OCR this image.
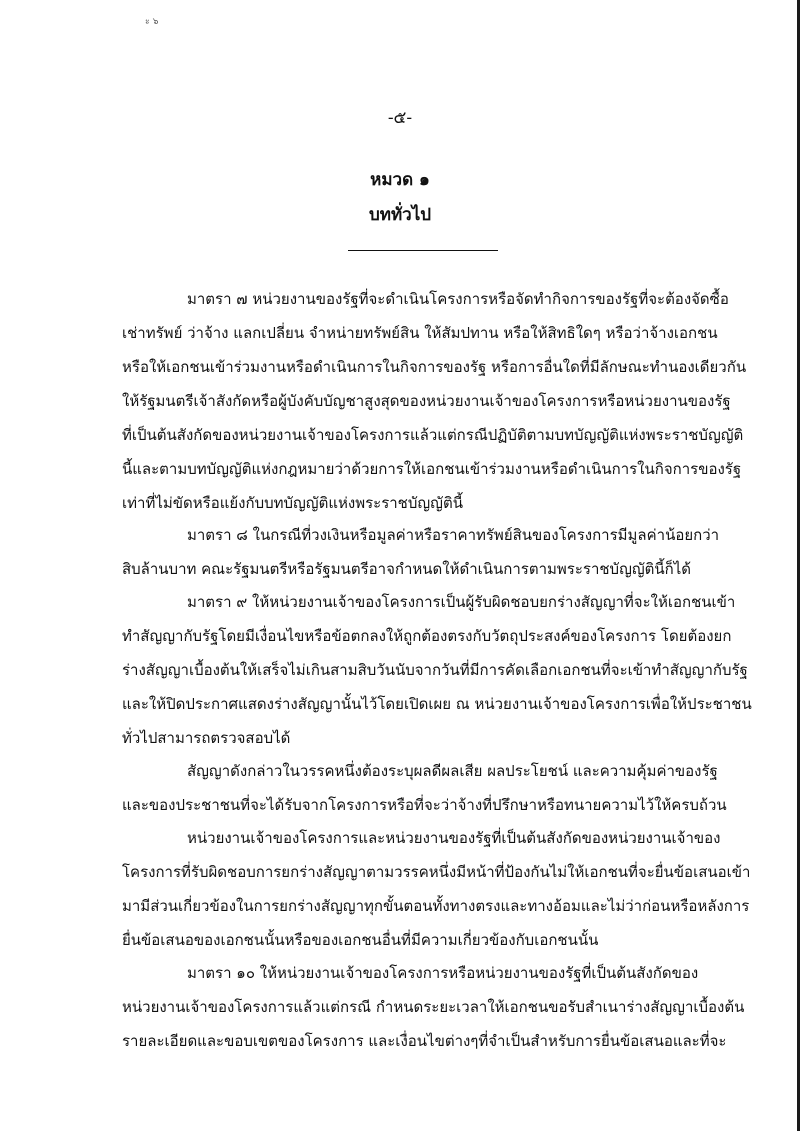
ะ ๖
-๕-
หมวด ๑
บททั่วไป
มาตรา ๗ หน่วยงานของรัฐที่จะดำเนินโครงการหรือจัดทำกิจการของรัฐที่จะต้องจัดซื้อ
เช่าทรัพย์ ว่าจ้าง แลกเปลี่ยน จำหน่ายทรัพย์สิน ให้สัมปทาน หรือให้สิทธิใดๆ หรือว่าจ้างเอกชน
หรือให้เอกชนเข้าร่วมงานหรือดำเนินการในกิจการของรัฐ หรือการอื่นใดที่มีลักษณะทำนองเดียวกัน
ให้รัฐมนตรีเจ้าสังกัดหรือผู้บังคับบัญชาสูงสุดของหน่วยงานเจ้าของโครงการหรือหน่วยงานของรัฐ
ที่เป็นต้นสังกัดของหน่วยงานเจ้าของโครงการแล้วแต่กรณีปฏิบัติตามบทบัญญัติแห่งพระราชบัญญัติ
นี้และตามบทบัญญัติแห่งกฎหมายว่าด้วยการให้เอกชนเข้าร่วมงานหรือดำเนินการในกิจการของรัฐ
เท่าที่ไม่ขัดหรือแย้งกับบทบัญญัติแห่งพระราชบัญญัตินี้
มาตรา ๘ ในกรณีที่วงเงินหรือมูลค่าหรือราคาทรัพย์สินของโครงการมีมูลค่าน้อยกว่า
สิบล้านบาท คณะรัฐมนตรีหรือรัฐมนตรีอาจกำหนดให้ดำเนินการตามพระราชบัญญัตินี้ก็ได้
มาตรา ๙ ให้หน่วยงานเจ้าของโครงการเป็นผู้รับผิดชอบยกร่างสัญญาที่จะให้เอกชนเข้า
ทำสัญญากับรัฐโดยมีเงื่อนไขหรือข้อตกลงให้ถูกต้องตรงกับวัตถุประสงค์ของโครงการ โดยต้องยก
ร่างสัญญาเบื้องต้นให้เสร็จไม่เกินสามสิบวันนับจากวันที่มีการคัดเลือกเอกชนที่จะเข้าทำสัญญากับรัฐ
และให้ปิดประกาศแสดงร่างสัญญานั้นไว้โดยเปิดเผย ณ หน่วยงานเจ้าของโครงการเพื่อให้ประชาชน
ทั่วไปสามารถตรวจสอบได้
สัญญาดังกล่าวในวรรคหนึ่งต้องระบุผลดีผลเสีย ผลประโยชน์ และความคุ้มค่าของรัฐ
และของประชาชนที่จะได้รับจากโครงการหรือที่จะว่าจ้างที่ปรึกษาหรือทนายความไว้ให้ครบถ้วน
หน่วยงานเจ้าของโครงการและหน่วยงานของรัฐที่เป็นต้นสังกัดของหน่วยงานเจ้าของ
โครงการที่รับผิดชอบการยกร่างสัญญาตามวรรคหนึ่งมีหน้าที่ป้องกันไม่ให้เอกชนที่จะยื่นข้อเสนอเข้า
มามีส่วนเกี่ยวข้องในการยกร่างสัญญาทุกขั้นตอนทั้งทางตรงและทางอ้อมและไม่ว่าก่อนหรือหลังการ
ยื่นข้อเสนอของเอกชนนั้นหรือของเอกชนอื่นที่มีความเกี่ยวข้องกับเอกชนนั้น
มาตรา ๑๐ ให้หน่วยงานเจ้าของโครงการหรือหน่วยงานของรัฐที่เป็นต้นสังกัดของ
หน่วยงานเจ้าของโครงการแล้วแต่กรณี กำหนดระยะเวลาให้เอกชนขอรับสำเนาร่างสัญญาเบื้องต้น
รายละเอียดและขอบเขตของโครงการ และเงื่อนไขต่างๆที่จำเป็นสำหรับการยื่นข้อเสนอและที่จะ
